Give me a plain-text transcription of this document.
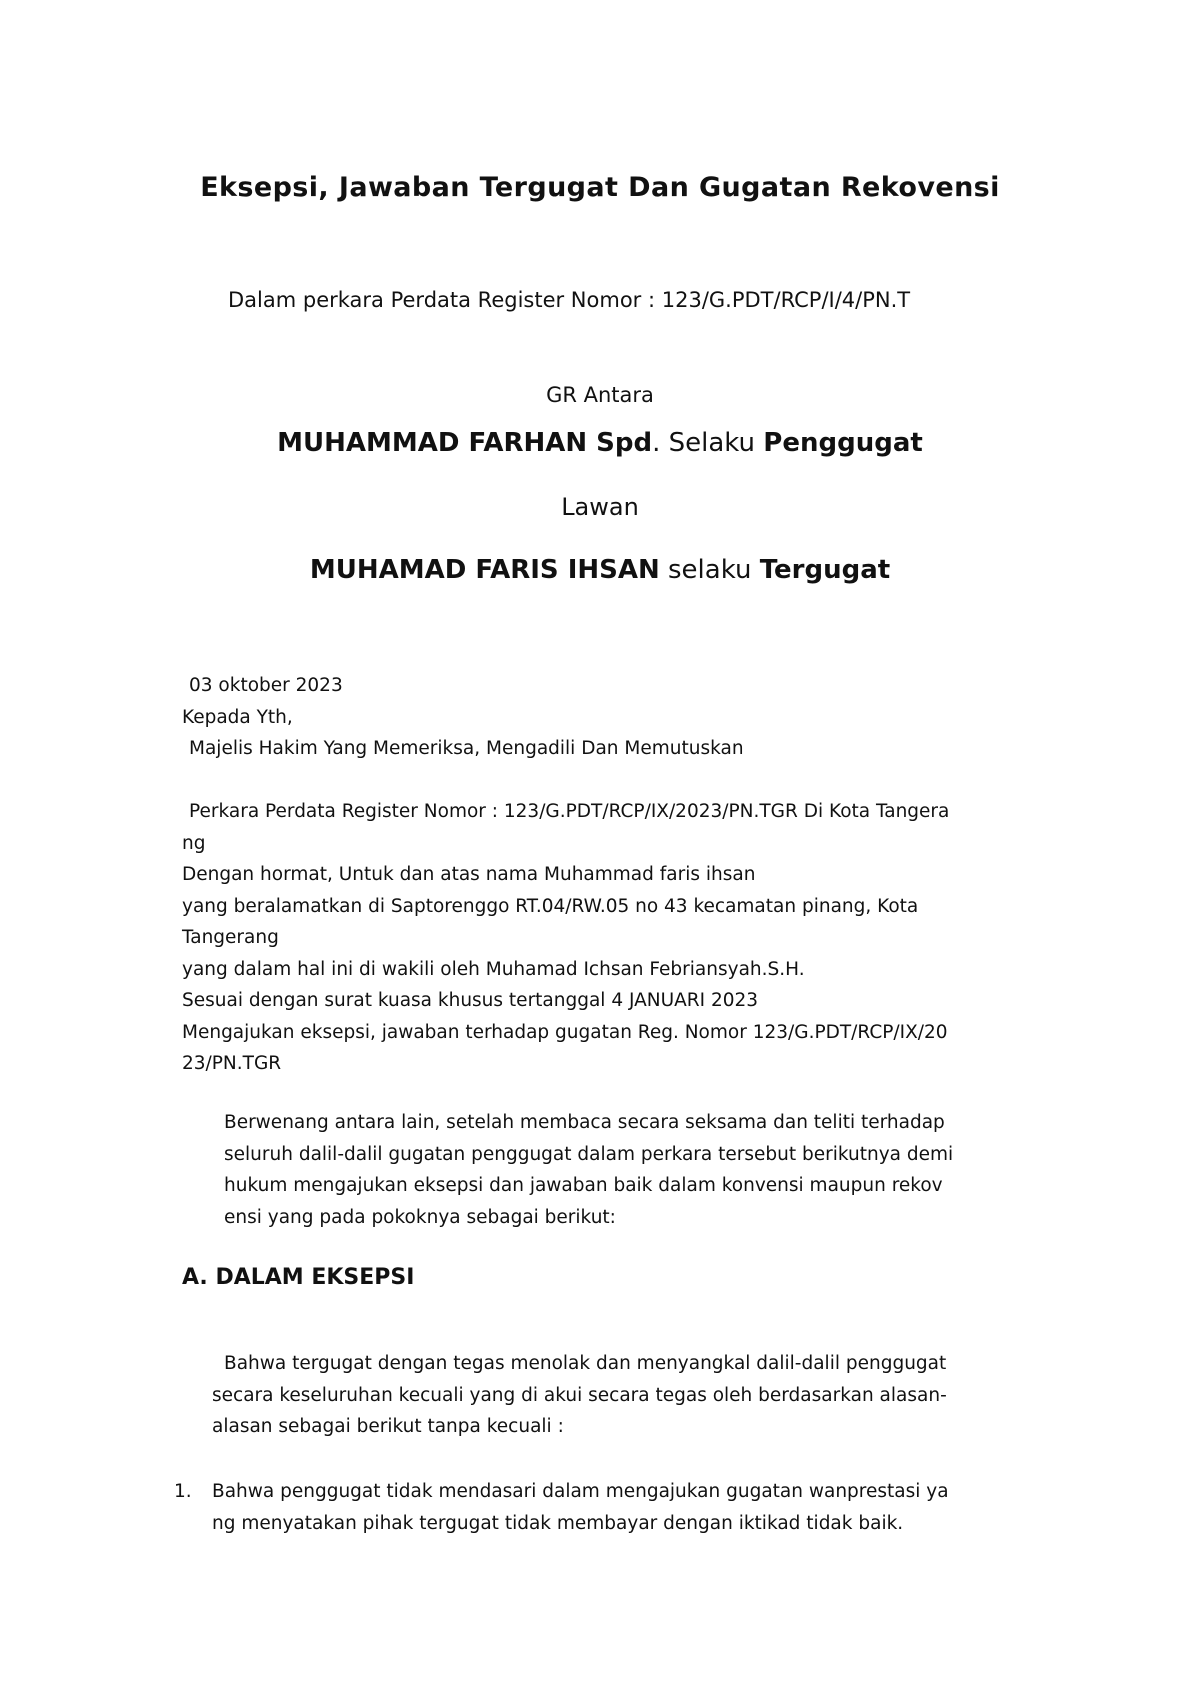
Eksepsi, Jawaban Tergugat Dan Gugatan Rekovensi
Dalam perkara Perdata Register Nomor : 123/G.PDT/RCP/I/4/PN.T
GR Antara
MUHAMMAD FARHAN Spd. Selaku Penggugat
Lawan
MUHAMAD FARIS IHSAN selaku Tergugat

03 oktober 2023

Kepada Yth,

Majelis Hakim Yang Memeriksa, Mengadili Dan Memutuskan

Perkara Perdata Register Nomor : 123/G.PDT/RCP/IX/2023/PN.TGR Di Kota Tangera

ng

Dengan hormat, Untuk dan atas nama Muhammad faris ihsan

yang beralamatkan di Saptorenggo RT.04/RW.05 no 43 kecamatan pinang, Kota

Tangerang

yang dalam hal ini di wakili oleh Muhamad Ichsan Febriansyah.S.H.

Sesuai dengan surat kuasa khusus tertanggal 4 JANUARI 2023

Mengajukan eksepsi, jawaban terhadap gugatan Reg. Nomor 123/G.PDT/RCP/IX/20

23/PN.TGR

Berwenang antara lain, setelah membaca secara seksama dan teliti terhadap
seluruh dalil-dalil gugatan penggugat dalam perkara tersebut berikutnya demi
hukum mengajukan eksepsi dan jawaban baik dalam konvensi maupun rekov
ensi yang pada pokoknya sebagai berikut:
A. DALAM EKSEPSI
Bahwa tergugat dengan tegas menolak dan menyangkal dalil-dalil penggugat
secara keseluruhan kecuali yang di akui secara tegas oleh berdasarkan alasan-
alasan sebagai berikut tanpa kecuali :
1. Bahwa penggugat tidak mendasari dalam mengajukan gugatan wanprestasi ya
ng menyatakan pihak tergugat tidak membayar dengan iktikad tidak baik.
